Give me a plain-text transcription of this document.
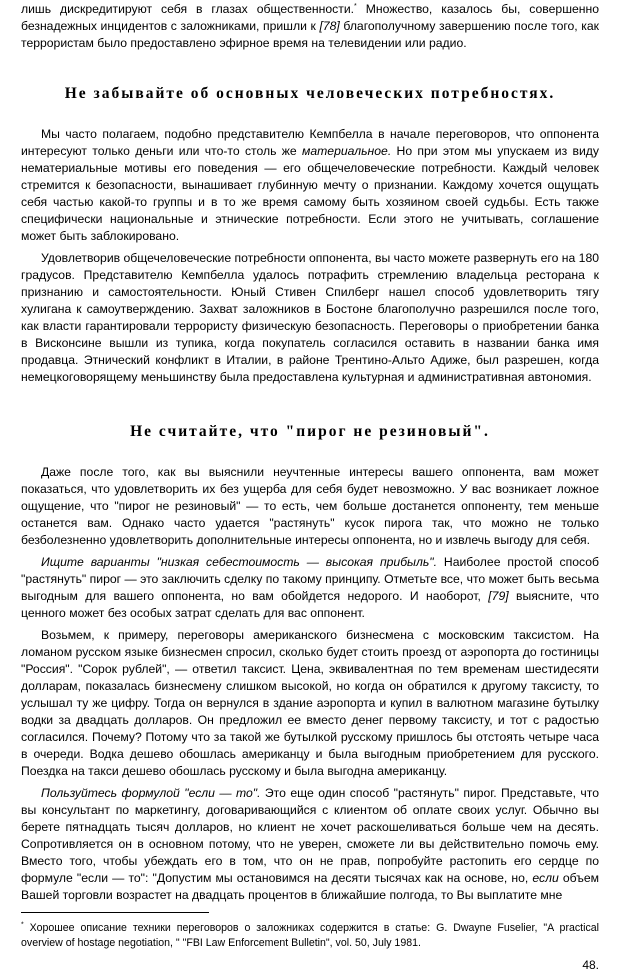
лишь дискредитируют себя в глазах общественности.* Множество, казалось бы, совершенно безнадежных инцидентов с заложниками, пришли к [78] благополучному завершению после того, как террористам было предоставлено эфирное время на телевидении или радио.

Не забывайте об основных человеческих потребностях.

Мы часто полагаем, подобно представителю Кемпбелла в начале переговоров, что оппонента интересуют только деньги или что-то столь же материальное. Но при этом мы упускаем из виду нематериальные мотивы его поведения — его общечеловеческие потребности. Каждый человек стремится к безопасности, вынашивает глубинную мечту о признании. Каждому хочется ощущать себя частью какой-то группы и в то же время самому быть хозяином своей судьбы. Есть также специфически национальные и этнические потребности. Если этого не учитывать, соглашение может быть заблокировано.

Удовлетворив общечеловеческие потребности оппонента, вы часто можете развернуть его на 180 градусов. Представителю Кемпбелла удалось потрафить стремлению владельца ресторана к признанию и самостоятельности. Юный Стивен Спилберг нашел способ удовлетворить тягу хулигана к самоутверждению. Захват заложников в Бостоне благополучно разрешился после того, как власти гарантировали террористу физическую безопасность. Переговоры о приобретении банка в Висконсине вышли из тупика, когда покупатель согласился оставить в названии банка имя продавца. Этнический конфликт в Италии, в районе Трентино-Альто Адиже, был разрешен, когда немецкоговорящему меньшинству была предоставлена культурная и административная автономия.

Не считайте, что "пирог не резиновый".

Даже после того, как вы выяснили неучтенные интересы вашего оппонента, вам может показаться, что удовлетворить их без ущерба для себя будет невозможно. У вас возникает ложное ощущение, что "пирог не резиновый" — то есть, чем больше достанется оппоненту, тем меньше останется вам. Однако часто удается "растянуть" кусок пирога так, что можно не только безболезненно удовлетворить дополнительные интересы оппонента, но и извлечь выгоду для себя.

Ищите варианты "низкая себестоимость — высокая прибыль". Наиболее простой способ "растянуть" пирог — это заключить сделку по такому принципу. Отметьте все, что может быть весьма выгодным для вашего оппонента, но вам обойдется недорого. И наоборот, [79] выясните, что ценного может без особых затрат сделать для вас оппонент.

Возьмем, к примеру, переговоры американского бизнесмена с московским таксистом. На ломаном русском языке бизнесмен спросил, сколько будет стоить проезд от аэропорта до гостиницы "Россия". "Сорок рублей", — ответил таксист. Цена, эквивалентная по тем временам шестидесяти долларам, показалась бизнесмену слишком высокой, но когда он обратился к другому таксисту, то услышал ту же цифру. Тогда он вернулся в здание аэропорта и купил в валютном магазине бутылку водки за двадцать долларов. Он предложил ее вместо денег первому таксисту, и тот с радостью согласился. Почему? Потому что за такой же бутылкой русскому пришлось бы отстоять четыре часа в очереди. Водка дешево обошлась американцу и была выгодным приобретением для русского. Поездка на такси дешево обошлась русскому и была выгодна американцу.

Пользуйтесь формулой "если — то". Это еще один способ "растянуть" пирог. Представьте, что вы консультант по маркетингу, договаривающийся с клиентом об оплате своих услуг. Обычно вы берете пятнадцать тысяч долларов, но клиент не хочет раскошеливаться больше чем на десять. Сопротивляется он в основном потому, что не уверен, сможете ли вы действительно помочь ему. Вместо того, чтобы убеждать его в том, что он не прав, попробуйте растопить его сердце по формуле "если — то": "Допустим мы остановимся на десяти тысячах как на основе, но, если объем Вашей торговли возрастет на двадцать процентов в ближайшие полгода, то Вы выплатите мне

* Хорошее описание техники переговоров о заложниках содержится в статье: G. Dwayne Fuselier, "A practical overview of hostage negotiation, " "FBI Law Enforcement Bulletin", vol. 50, July 1981.
48.
